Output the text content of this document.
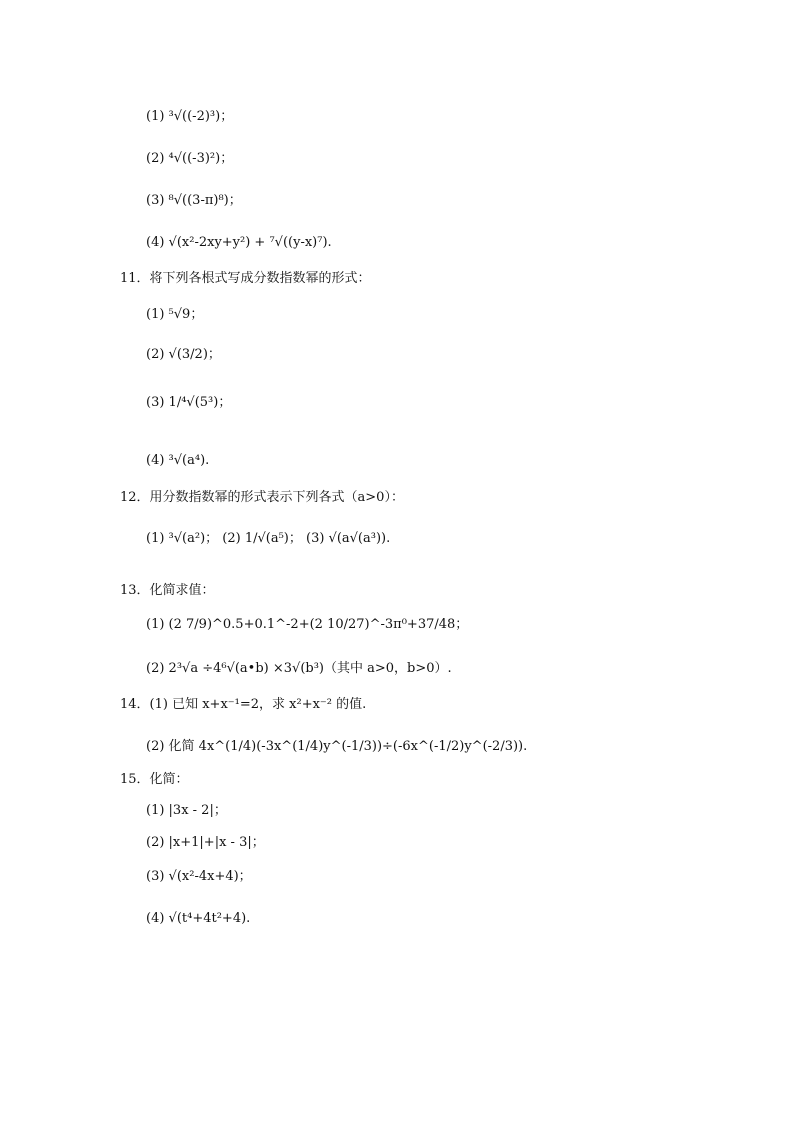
(1) ³√((-2)³)；
(2) ⁴√((-3)²)；
(3) ⁸√((3-π)⁸)；
(4) √(x²-2xy+y²) + ⁷√((y-x)⁷).
11．将下列各根式写成分数指数幂的形式：
(1) ⁵√9；
(2) √(3/2)；
(3) 1/⁴√(5³)；
(4) ³√(a⁴).
12．用分数指数幂的形式表示下列各式（a>0）：
(1) ³√(a²)； (2) 1/√(a⁵)； (3) √(a√(a³)).
13．化简求值：
(1) (2 7/9)^0.5+0.1^-2+(2 10/27)^-3π⁰+37/48；
(2) 2³√a ÷4⁶√(a•b) ×3√(b³)（其中 a>0，b>0）.
14．(1) 已知 x+x⁻¹=2，求 x²+x⁻² 的值.
(2) 化简 4x^(1/4)(-3x^(1/4)y^(-1/3))÷(-6x^(-1/2)y^(-2/3)).
15．化简：
(1) |3x - 2|；
(2) |x+1|+|x - 3|；
(3) √(x²-4x+4)；
(4) √(t⁴+4t²+4).
